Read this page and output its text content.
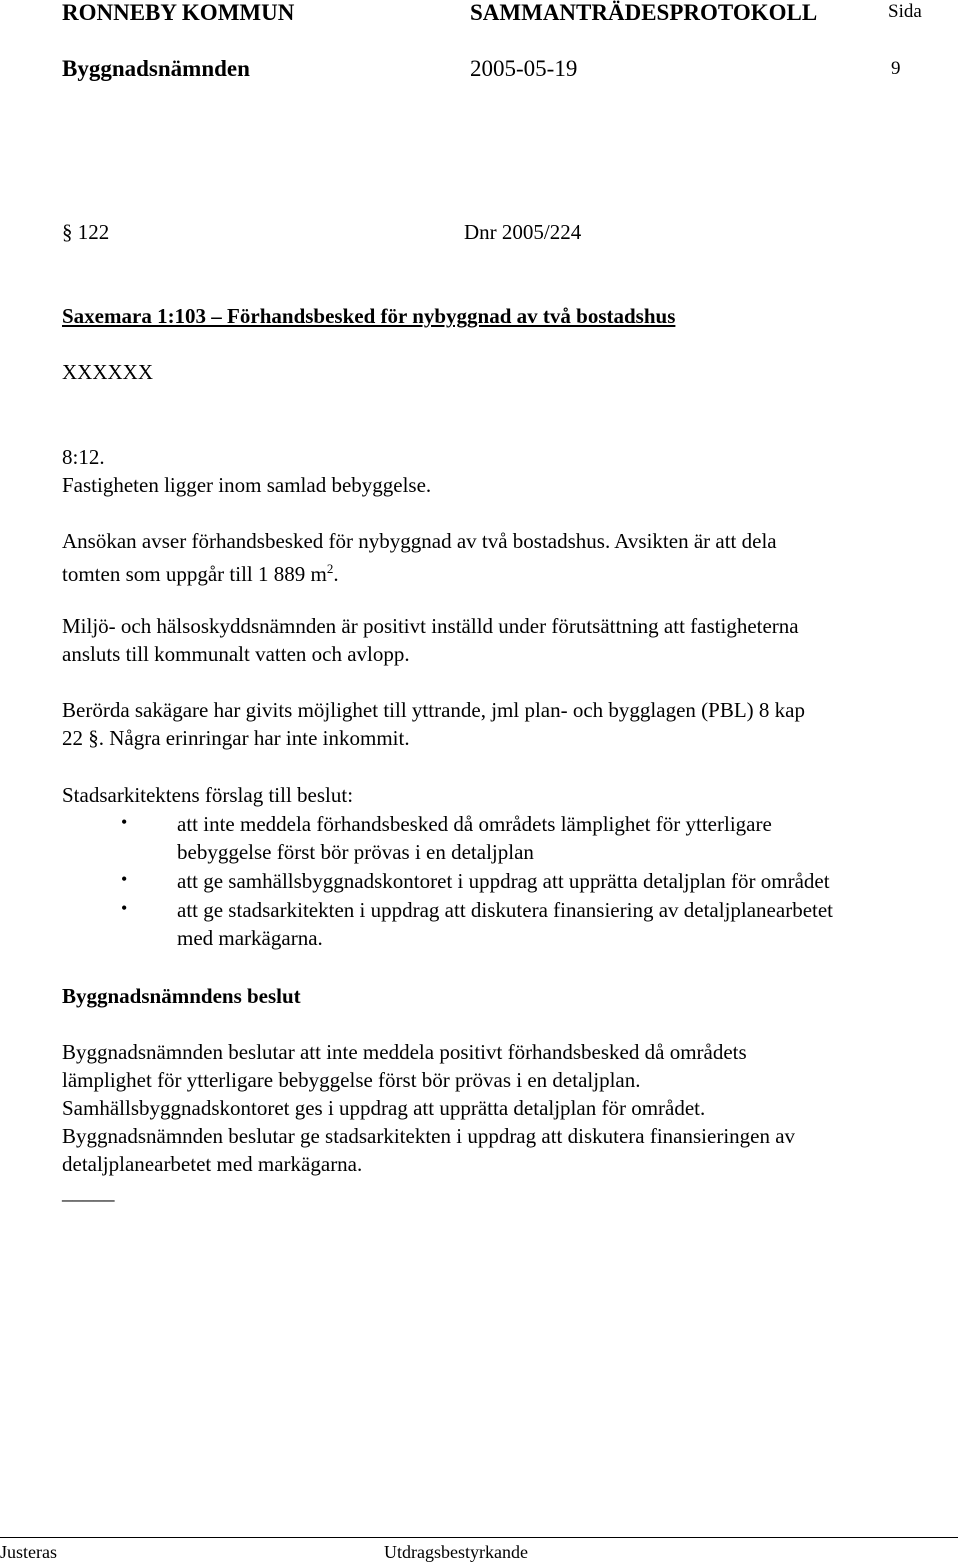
RONNEBY KOMMUN	SAMMANTRÄDESPROTOKOLL	Sida
Byggnadsnämnden	2005-05-19	9
§ 122	Dnr 2005/224
Saxemara 1:103 – Förhandsbesked för nybyggnad av två bostadshus
XXXXXX
8:12.
Fastigheten ligger inom samlad bebyggelse.
Ansökan avser förhandsbesked för nybyggnad av två bostadshus. Avsikten är att dela
tomten som uppgår till 1 889 $m^2$.
Miljö- och hälsoskyddsnämnden är positivt inställd under förutsättning att fastigheterna
ansluts till kommunalt vatten och avlopp.
Berörda sakägare har givits möjlighet till yttrande, jml plan- och bygglagen (PBL) 8 kap
22 §. Några erinringar har inte inkommit.
Stadsarkitektens förslag till beslut:
• att inte meddela förhandsbesked då områdets lämplighet för ytterligare
bebyggelse först bör prövas i en detaljplan
• att ge samhällsbyggnadskontoret i uppdrag att upprätta detaljplan för området
• att ge stadsarkitekten i uppdrag att diskutera finansiering av detaljplanearbetet
med markägarna.
Byggnadsnämndens beslut
Byggnadsnämnden beslutar att inte meddela positivt förhandsbesked då områdets
lämplighet för ytterligare bebyggelse först bör prövas i en detaljplan.
Samhällsbyggnadskontoret ges i uppdrag att upprätta detaljplan för området.
Byggnadsnämnden beslutar ge stadsarkitekten i uppdrag att diskutera finansieringen av
detaljplanearbetet med markägarna.
_____
Justeras	Utdragsbestyrkande
